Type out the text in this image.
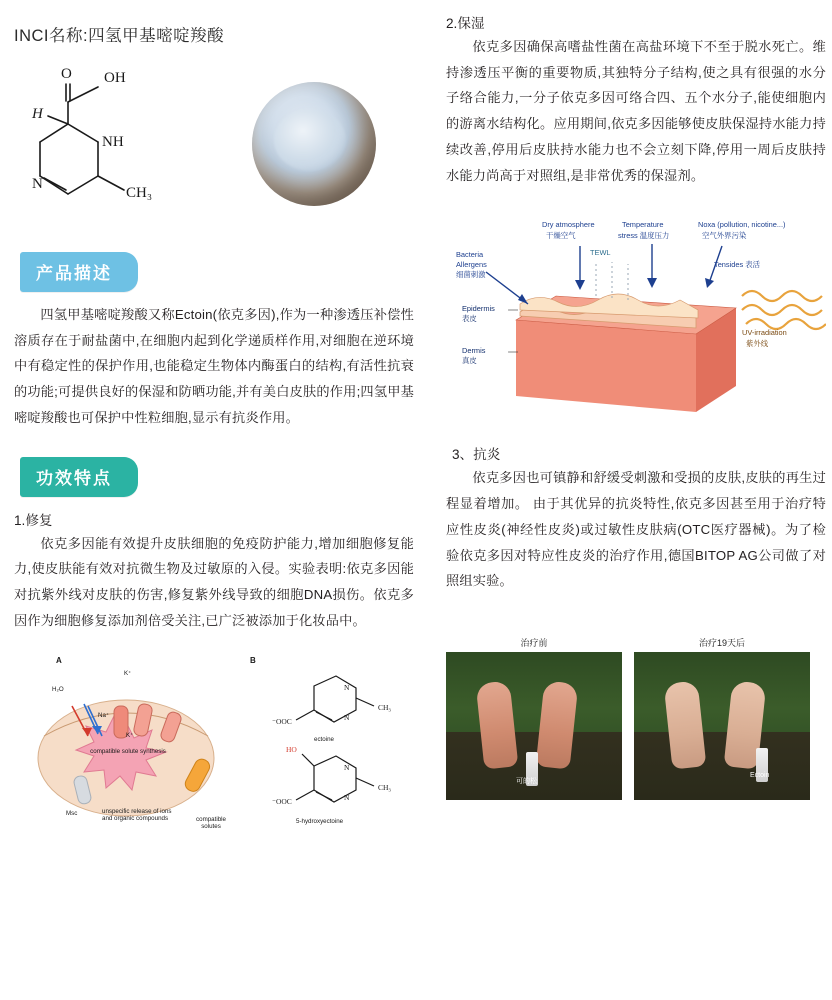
INCI名称:四氢甲基嘧啶羧酸
O OH
H
NH
N
CH₃
产品描述

四氢甲基嘧啶羧酸又称Ectoin(依克多因),作为一种渗透压补偿性溶质存在于耐盐菌中,在细胞内起到化学递质样作用,对细胞在逆环境中有稳定性的保护作用,也能稳定生物体内酶蛋白的结构,有活性抗衰的功能;可提供良好的保湿和防晒功能,并有美白皮肤的作用;四氢甲基嘧啶羧酸也可保护中性粒细胞,显示有抗炎作用。

功效特点
1.修复

依克多因能有效提升皮肤细胞的免疫防护能力,增加细胞修复能力,使皮肤能有效对抗微生物及过敏原的入侵。实验表明:依克多因能对抗紫外线对皮肤的伤害,修复紫外线导致的细胞DNA损伤。依克多因作为细胞修复添加剂倍受关注,已广泛被添加于化妆品中。

⁻OOC
CH₃
⁻OOC
CH₃
HO
N
N
N
N
A	B
H₂O
K⁺
Na⁺
K⁺
compatible solute synthesis
Msc	unspecific release of ions and organic compounds	compatible solutes
ectoine
5-hydroxyectoine
2.保湿

依克多因确保高嗜盐性菌在高盐环境下不至于脱水死亡。维持渗透压平衡的重要物质,其独特分子结构,使之具有很强的水分子络合能力,一分子依克多因可络合四、五个水分子,能使细胞内的游离水结构化。应用期间,依克多因能够使皮肤保湿持水能力持续改善,停用后皮肤持水能力也不会立刻下降,停用一周后皮肤持水能力尚高于对照组,是非常优秀的保湿剂。

Dry atmosphere
干燥空气
Temperature
stress 温度压力
Noxa (pollution, nicotine...)
空气外界污染
Bacteria
Allergens
细菌刺激
TEWL
Tensides 表活
Epidermis
表皮
Dermis
真皮
UV-irradiation
紫外线
3、抗炎

依克多因也可镇静和舒缓受刺激和受损的皮肤,皮肤的再生过程显着增加。 由于其优异的抗炎特性,依克多因甚至用于治疗特应性皮炎(神经性皮炎)或过敏性皮肤病(OTC医疗器械)。为了检验依克多因对特应性皮炎的治疗作用,德国BITOP AG公司做了对照组实验。

治疗前	治疗19天后
可的松
Ectoin
